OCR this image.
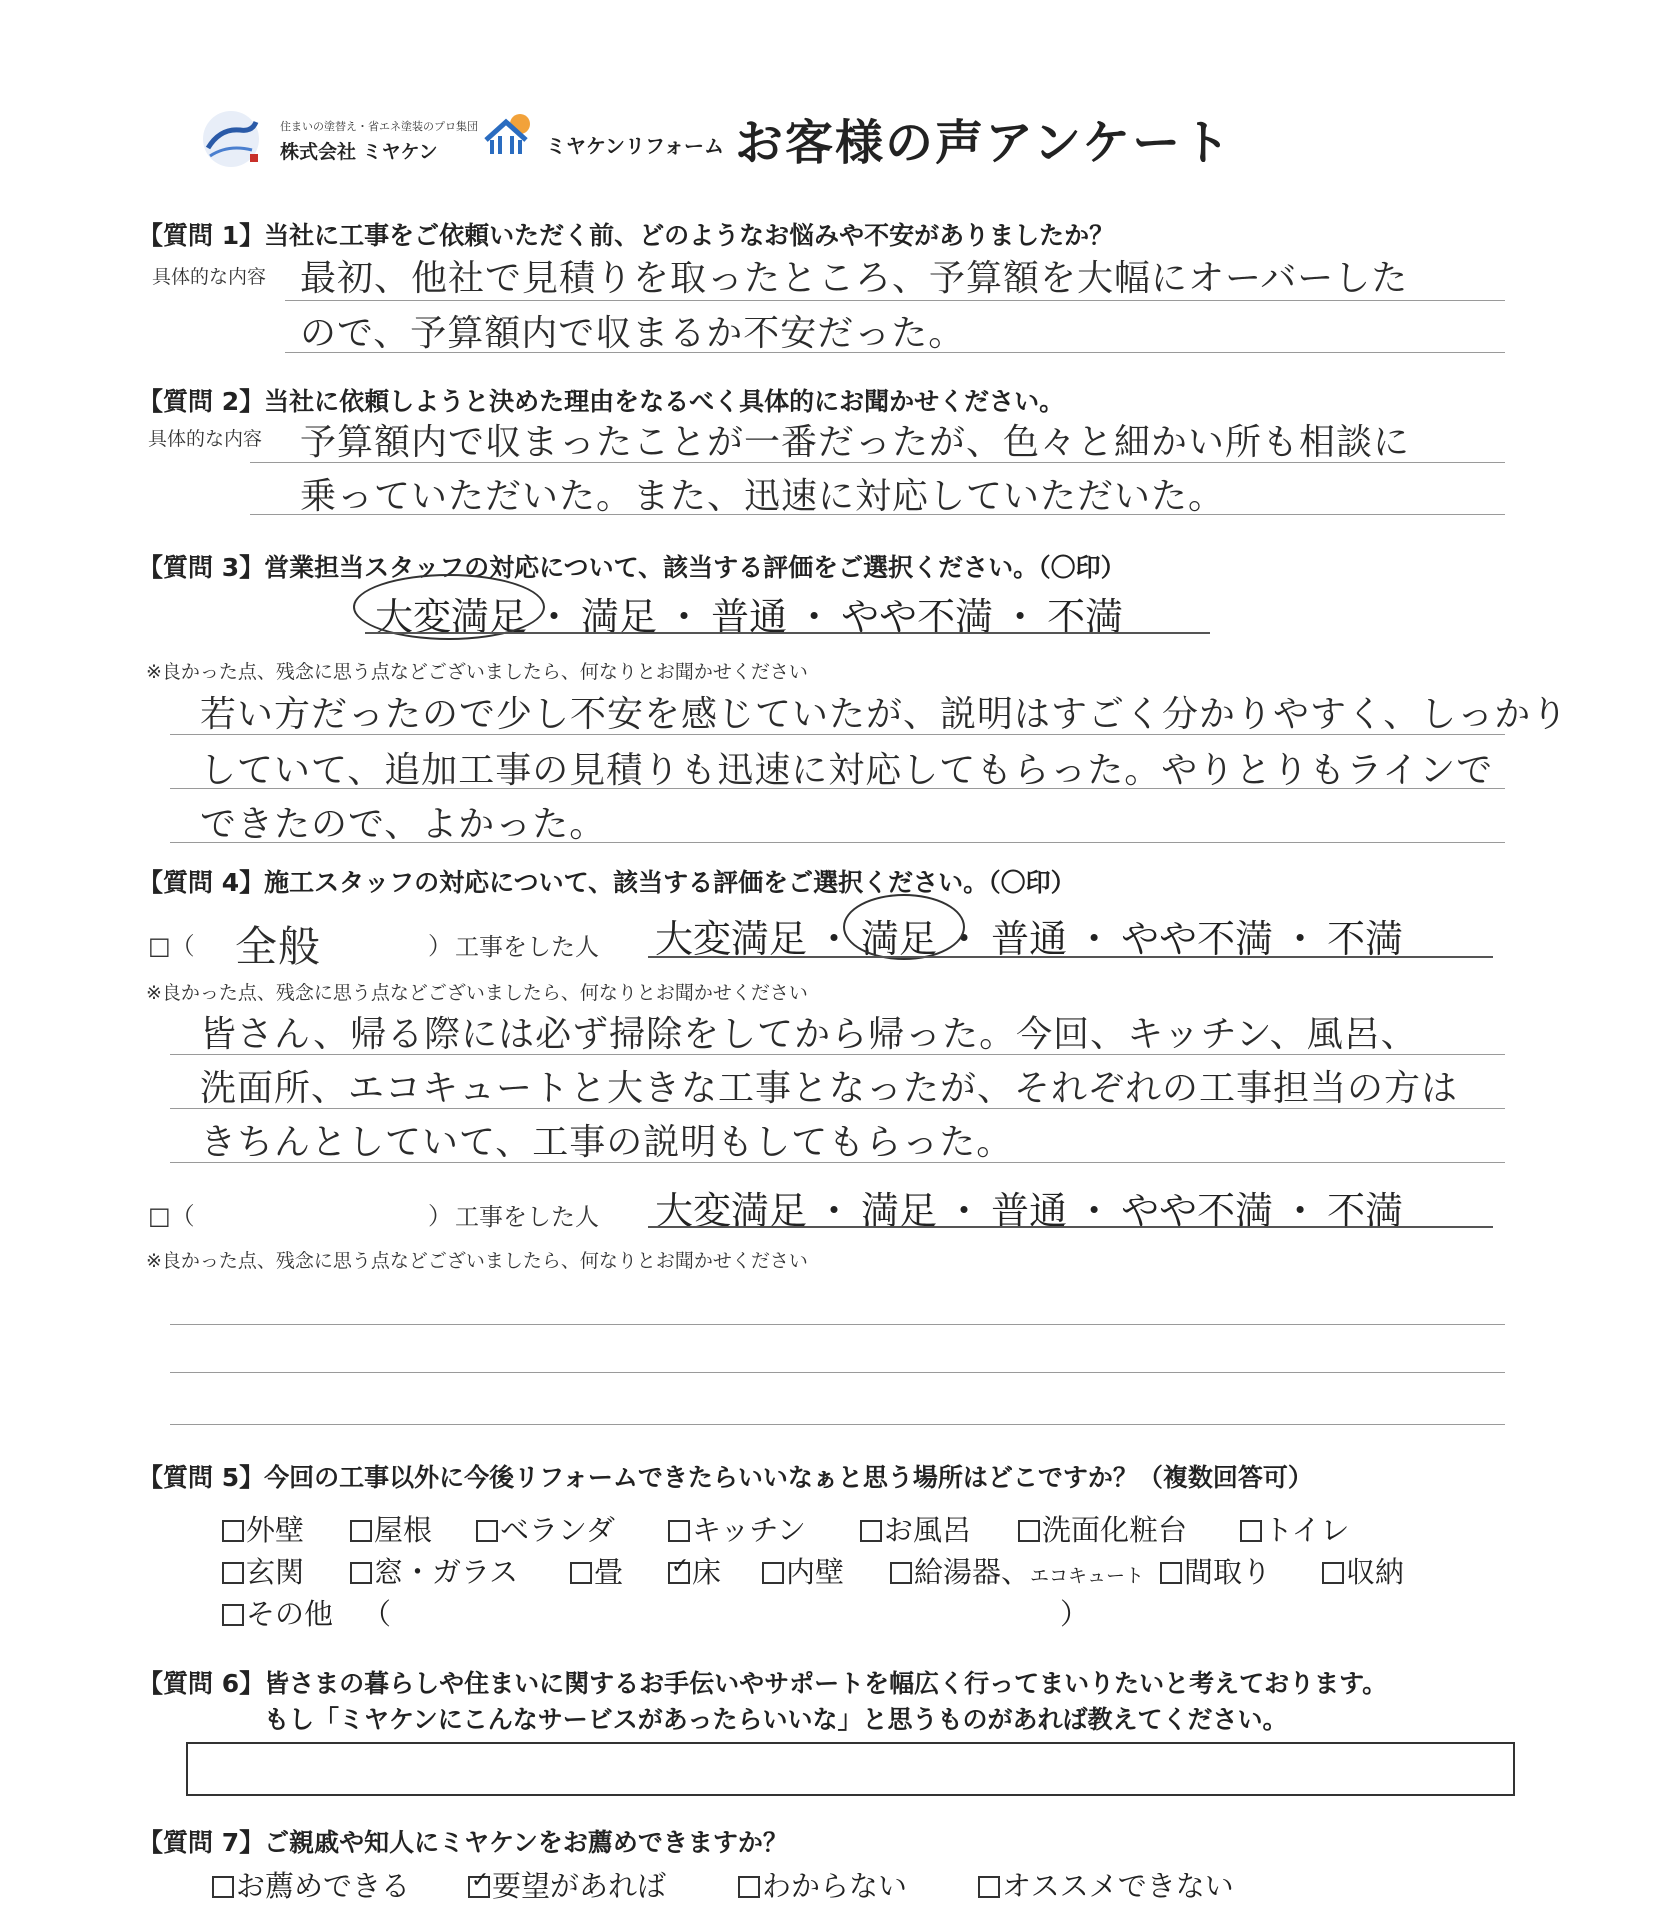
住まいの塗替え・省エネ塗装のプロ集団
株式会社 ミヤケン	ミヤケンリフォーム お客様の声アンケート
【質問 1】当社に工事をご依頼いただく前、どのようなお悩みや不安がありましたか？
具体的な内容 最初、他社で見積りを取ったところ、予算額を大幅にオーバーした
ので、予算額内で収まるか不安だった。
【質問 2】当社に依頼しようと決めた理由をなるべく具体的にお聞かせください。
具体的な内容 予算額内で収まったことが一番だったが、色々と細かい所も相談に
乗っていただいた。また、迅速に対応していただいた。
【質問 3】営業担当スタッフの対応について、該当する評価をご選択ください。（〇印）
大変満足 ・ 満足 ・ 普通 ・ やや不満 ・ 不満
※良かった点、残念に思う点などございましたら、何なりとお聞かせください
若い方だったので少し不安を感じていたが、説明はすごく分かりやすく、しっかり
していて、追加工事の見積りも迅速に対応してもらった。やりとりもラインで
できたので、よかった。
【質問 4】施工スタッフの対応について、該当する評価をご選択ください。（〇印）
□（ 全般	） 工事をした人 大変満足 ・ 満足 ・ 普通 ・ やや不満 ・ 不満
※良かった点、残念に思う点などございましたら、何なりとお聞かせください
皆さん、帰る際には必ず掃除をしてから帰った。今回、キッチン、風呂、
洗面所、エコキュートと大きな工事となったが、それぞれの工事担当の方は
きちんとしていて、工事の説明もしてもらった。
□（	） 工事をした人 大変満足 ・ 満足 ・ 普通 ・ やや不満 ・ 不満
※良かった点、残念に思う点などございましたら、何なりとお聞かせください
【質問 5】今回の工事以外に今後リフォームできたらいいなぁと思う場所はどこですか？（複数回答可）
外壁	屋根	ベランダ	キッチン	お風呂	洗面化粧台	トイレ
玄関	窓・ガラス	畳 ✓ 床	内壁	給湯器、エコキュート	間取り	収納
その他 （	）
【質問 6】皆さまの暮らしや住まいに関するお手伝いやサポートを幅広く行ってまいりたいと考えております。
もし「ミヤケンにこんなサービスがあったらいいな」と思うものがあれば教えてください。
【質問 7】ご親戚や知人にミヤケンをお薦めできますか？
お薦めできる	✓ 要望があれば	わからない	オススメできない
